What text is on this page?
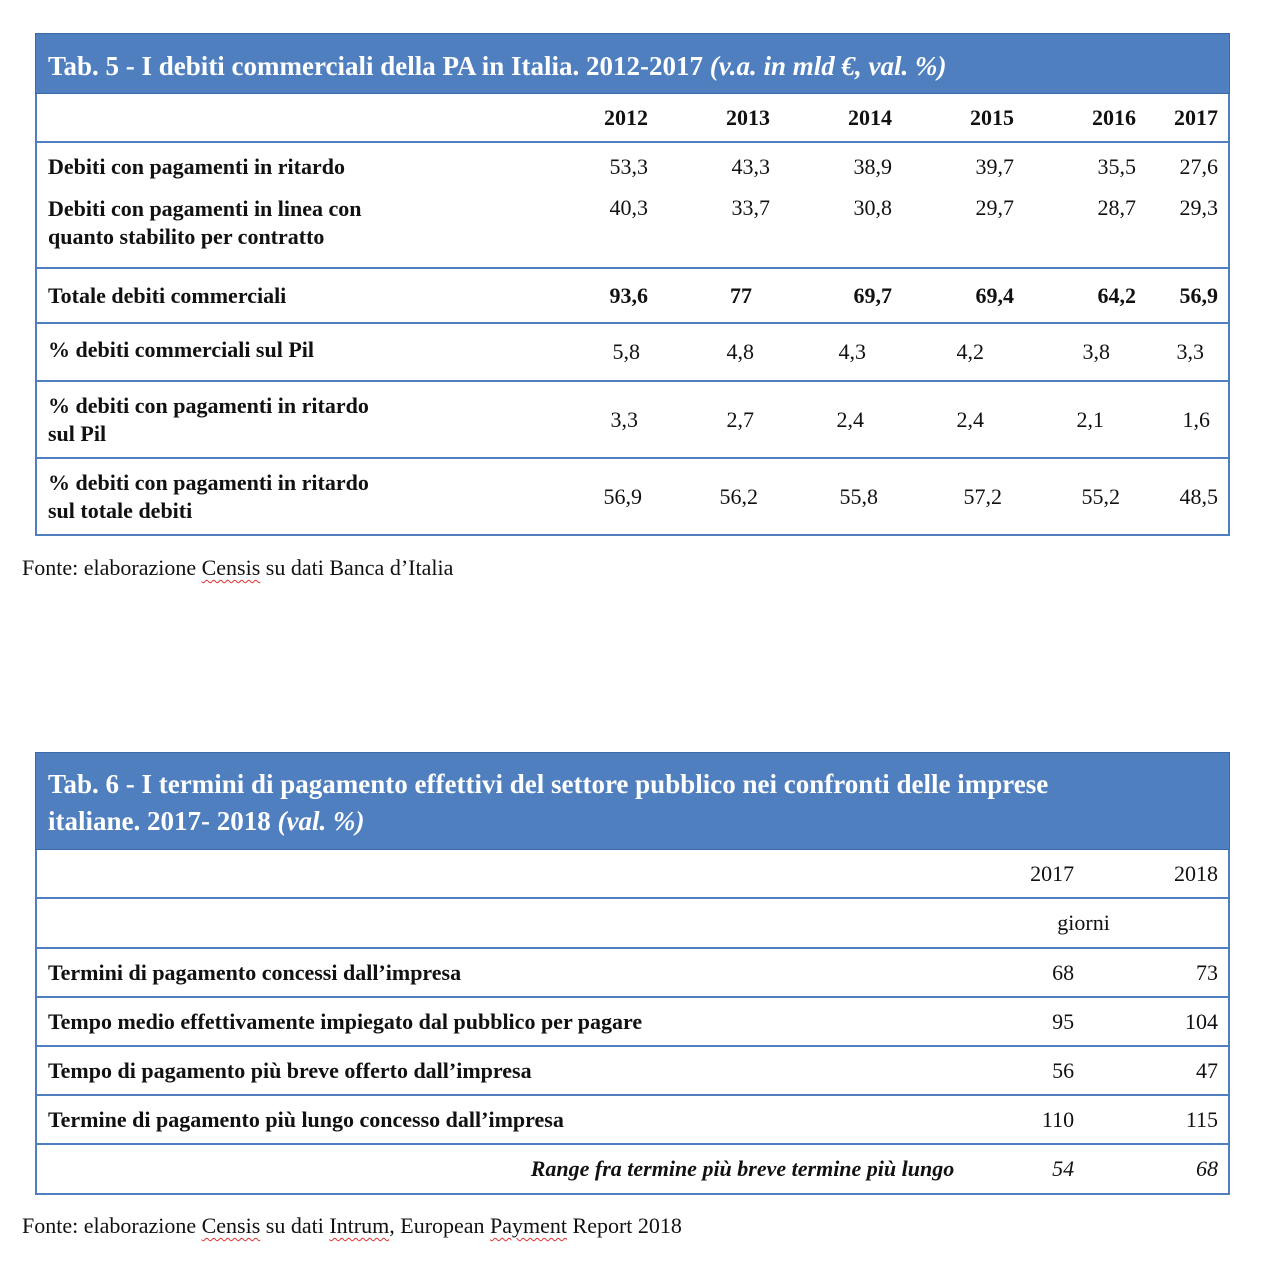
Tab. 5 - I debiti commerciali della PA in Italia. 2012-2017 (v.a. in mld €, val. %)
	2012	2013	2014	2015	2016	2017
Debiti con pagamenti in ritardo	53,3	43,3	38,9	39,7	35,5	27,6
Debiti con pagamenti in linea con
quanto stabilito per contratto	40,3	33,7	30,8	29,7	28,7	29,3
Totale debiti commerciali	93,6	77	69,7	69,4	64,2	56,9
% debiti commerciali sul Pil	5,8	4,8	4,3	4,2	3,8	3,3
% debiti con pagamenti in ritardo
sul Pil	3,3	2,7	2,4	2,4	2,1	1,6
% debiti con pagamenti in ritardo
sul totale debiti	56,9	56,2	55,8	57,2	55,2	48,5
Fonte: elaborazione Censis su dati Banca d’Italia
Tab. 6 - I termini di pagamento effettivi del settore pubblico nei confronti delle imprese
italiane. 2017- 2018 (val. %)
	2017	2018
	giorni	
Termini di pagamento concessi dall’impresa	68	73
Tempo medio effettivamente impiegato dal pubblico per pagare	95	104
Tempo di pagamento più breve offerto dall’impresa	56	47
Termine di pagamento più lungo concesso dall’impresa	110	115
Range fra termine più breve termine più lungo	54	68
Fonte: elaborazione Censis su dati Intrum, European Payment Report 2018
